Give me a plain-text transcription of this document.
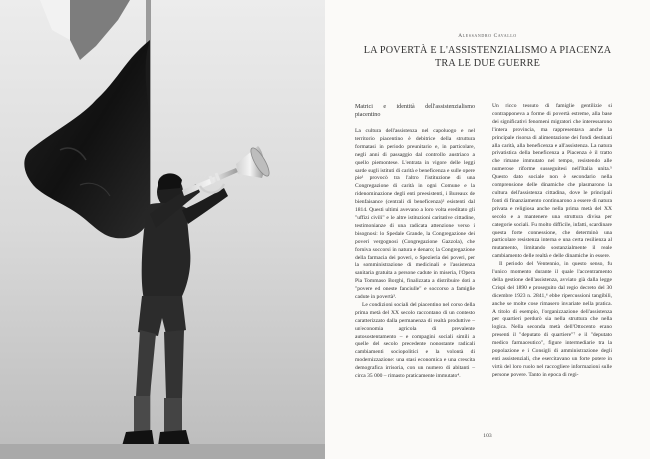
Alessandro Cavallo
LA POVERTÀ E L'ASSISTENZIALISMO A PIACENZA
TRA LE DUE GUERRE
Matrici e identità dell'assistenzialismo piacentino

La cultura dell'assistenza nel capoluogo e nel territorio piacentino è debitrice della struttura formatasi in periodo preunitario e, in particolare, negli anni di passaggio dal controllo austriaco a quello piemontese. L'entrata in vigore delle leggi sarde sugli istituti di carità e beneficenza e sulle opere pie¹ provocò tra l'altro l'istituzione di una Congregazione di carità in ogni Comune e la ridenominazione degli enti preesistenti, i Bureaux de bienfaisance (centrali di beneficenza)² esistenti dal 1814. Questi ultimi avevano a loro volta ereditato gli "uffizi civili" e le altre istituzioni caritative cittadine, testimonianze di una radicata attenzione verso i bisognosi: lo Spedale Grande, la Congregazione dei poveri vergognosi (Congregazione Gazzola), che forniva soccorsi in natura e denaro; la Congregazione della farmacia dei poveri, o Spezieria dei poveri, per la somministrazione di medicinali e l'assistenza sanitaria gratuita a persone cadute in miseria, l'Opera Pia Tommaso Borghi, finalizzata a distribuire doti a "povere ed oneste fanciulle" e soccorso a famiglie cadute in povertà³.

Le condizioni sociali del piacentino nel corso della prima metà del XX secolo raccontano di un contesto caratterizzato dalla permanenza di realtà produttive – un'economia agricola di prevalente autosostentamento – e compagini sociali simili a quelle del secolo precedente nonostante radicali cambiamenti sociopolitici e la volontà di modernizzazione: una stasi economica e una crescita demografica irrisoria, con un numero di abitanti – circa 35 000 – rimasto praticamente immutato⁴.

Un ricco tessuto di famiglie gentilizie si contrapponeva a forme di povertà estreme, alla base dei significativi fenomeni migratori che interessarono l'intera provincia, ma rappresentava anche la principale risorsa di alimentazione dei fondi destinati alla carità, alla beneficenza e all'assistenza. La natura privatistica della beneficenza a Piacenza è il tratto che rimane immutato nel tempo, resistendo alle numerose riforme susseguitesi nell'Italia unita.⁵ Questo dato sociale non è secondario nella comprensione delle dinamiche che plasmarono la cultura dell'assistenza cittadina, dove le principali fonti di finanziamento continuarono a essere di natura privata e religiosa anche nella prima metà del XX secolo e a mantenere una struttura divisa per categorie sociali. Fu molto difficile, infatti, scardinare questa forte connessione, che determinò una particolare resistenza interna e una certa resilienza al mutamento, limitando sostanzialmente il reale cambiamento delle realtà e delle dinamiche in essere.

Il periodo del Ventennio, in questo senso, fu l'unico momento durante il quale l'accentramento della gestione dell'assistenza, avviato già dalla legge Crispi del 1890 e proseguito dal regio decreto del 30 dicembre 1923 n. 2841,⁶ ebbe ripercussioni tangibili, anche se molte cose rimasero invariate nella pratica. A titolo di esempio, l'organizzazione dell'assistenza per quartieri perdurò sia nella struttura che nella logica. Nella seconda metà dell'Ottocento erano presenti il "deputato di quartiere"⁷ e il "deputato medico farmaceutico", figure intermediarie tra la popolazione e i Consigli di amministrazione degli enti assistenziali, che esercitavano un forte potere in virtù del loro ruolo nel raccogliere informazioni sulle persone povere. Tanto in epoca di regi-

103
